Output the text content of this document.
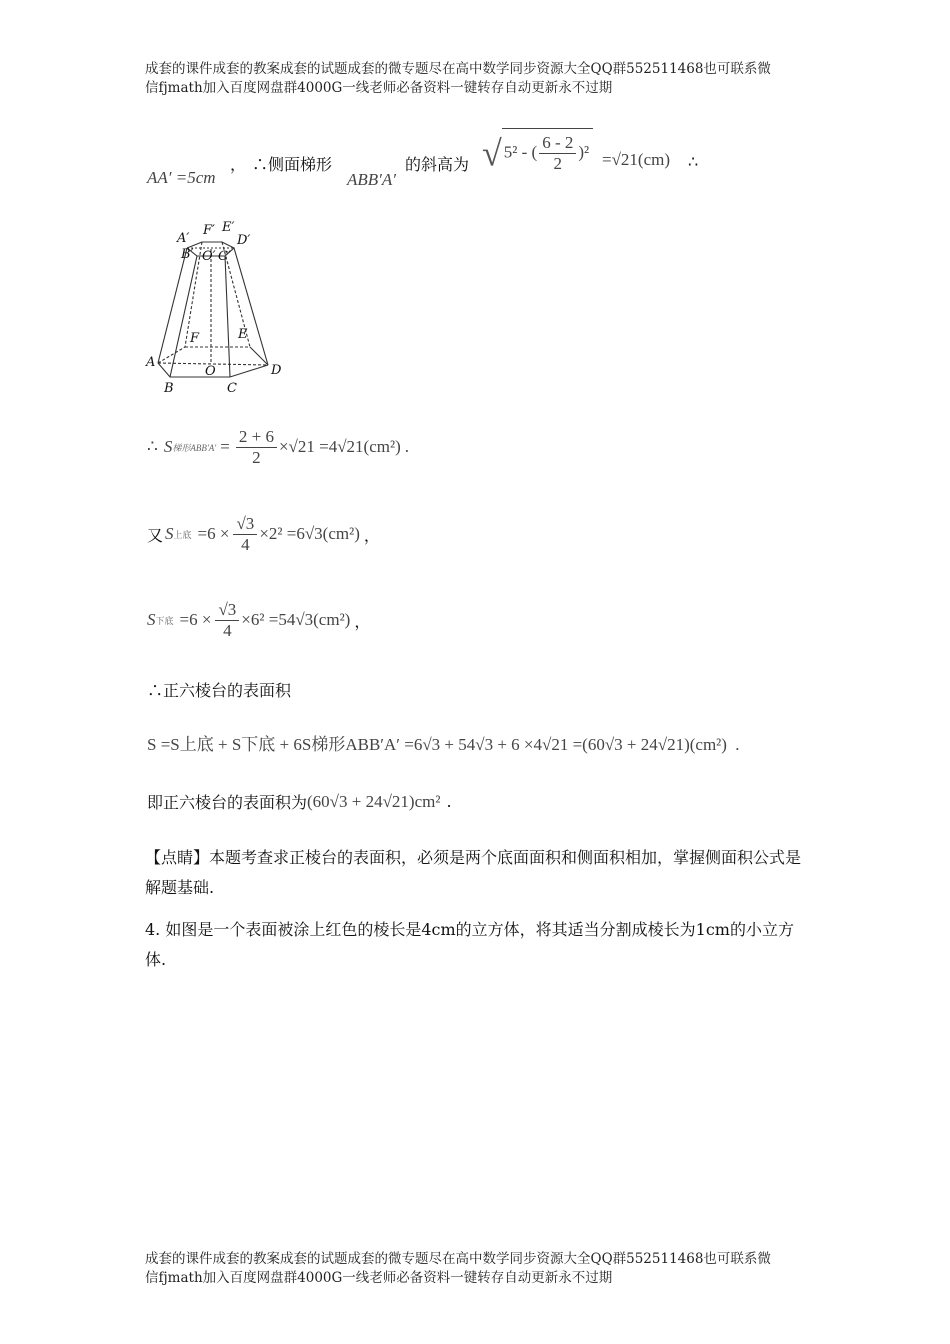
成套的课件成套的教案成套的试题成套的微专题尽在高中数学同步资源大全QQ群552511468也可联系微
信fjmath加入百度网盘群4000G一线老师必备资料一键转存自动更新永不过期
AA′ =5cm
， ∴侧面梯形
ABB′A′
的斜高为 √ 5² - ( $\frac{6 - 2}{2} )^2 =√21(cm)$ ∴
A′
F′ E′
D′
B′ O′ C′
F	E
A
O	D
B	C
∴ S 梯形$ABB'A' = \frac{2 + 6}{2} \times√21 =4√21(cm^2)$ .
又 S 上底 $=6 \times \frac{√3}{4} \times 2^2 =6√3(cm^2)$ ，
S 下底 $=6 \times \frac{√3}{4} \times 6^2 =54√3(cm^2)$ ，
∴正六棱台的表面积
S =S上底 + S下底 + 6S梯形ABB′A′ =6√3 + 54√3 + 6 ×4√21 =(60√3 + 24√21)(cm²) .
即正六棱台的表面积为 (60√3 + 24√21)cm² .
【点睛】本题考查求正棱台的表面积，必须是两个底面面积和侧面积相加，掌握侧面积公式是解题基础.
4. 如图是一个表面被涂上红色的棱长是4cm的立方体，将其适当分割成棱长为1cm的小立方体.
成套的课件成套的教案成套的试题成套的微专题尽在高中数学同步资源大全QQ群552511468也可联系微
信fjmath加入百度网盘群4000G一线老师必备资料一键转存自动更新永不过期
